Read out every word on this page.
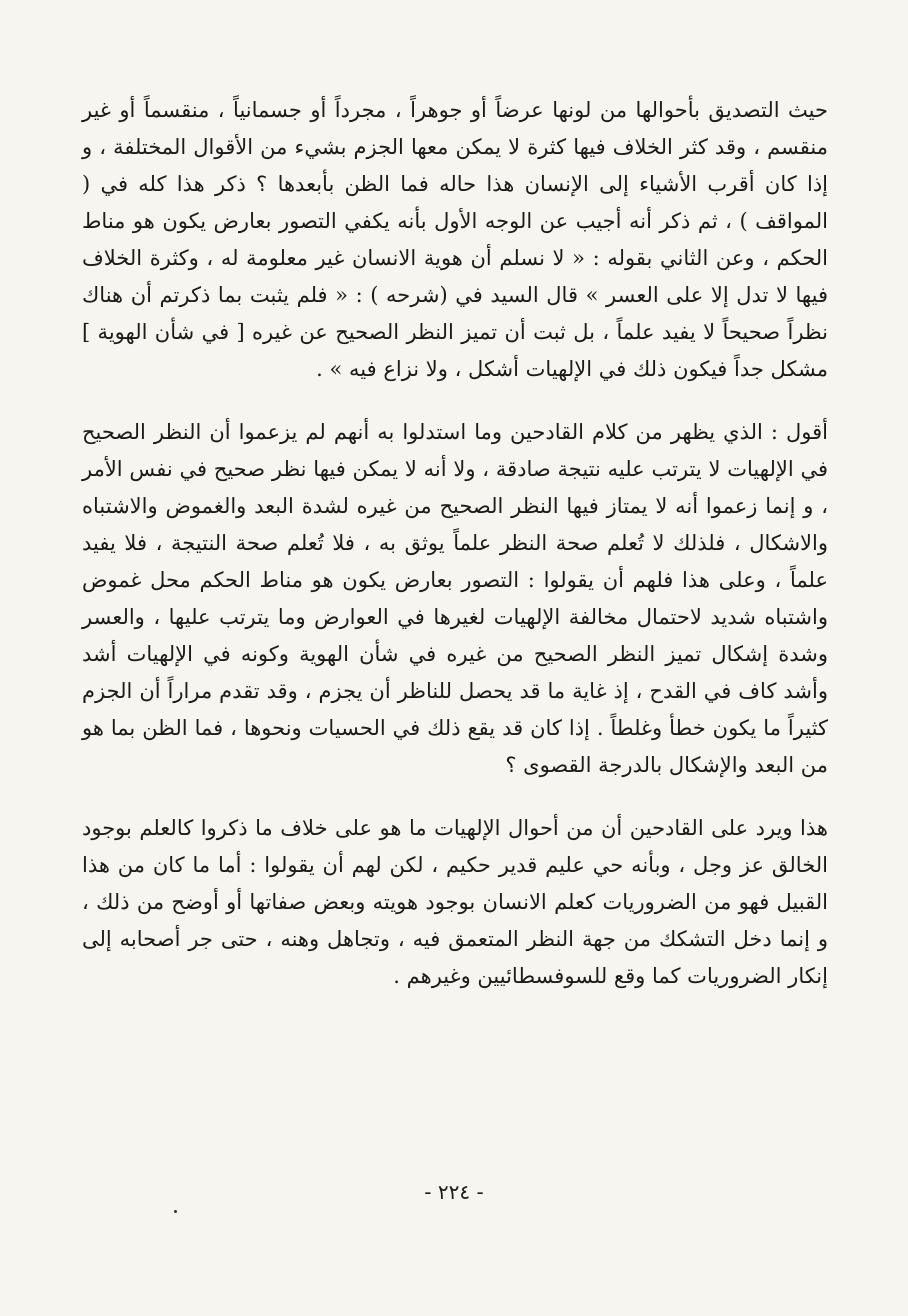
حيث التصديق بأحوالها من لونها عرضاً أو جوهراً ، مجرداً أو جسمانياً ، منقسماً أو غير منقسم ، وقد كثر الخلاف فيها كثرة لا يمكن معها الجزم بشيء من الأقوال المختلفة ، و إذا كان أقرب الأشياء إلى الإنسان هذا حاله فما الظن بأبعدها ؟ ذكر هذا كله في ( المواقف ) ، ثم ذكر أنه أجيب عن الوجه الأول بأنه يكفي التصور بعارض يكون هو مناط الحكم ، وعن الثاني بقوله : « لا نسلم أن هوية الانسان غير معلومة له ، وكثرة الخلاف فيها لا تدل إلا على العسر » قال السيد في (شرحه ) : « فلم يثبت بما ذكرتم أن هناك نظراً صحيحاً لا يفيد علماً ، بل ثبت أن تميز النظر الصحيح عن غيره [ في شأن الهوية ] مشكل جداً فيكون ذلك في الإلهيات أشكل ، ولا نزاع فيه » .

أقول : الذي يظهر من كلام القادحين وما استدلوا به أنهم لم يزعموا أن النظر الصحيح في الإلهيات لا يترتب عليه نتيجة صادقة ، ولا أنه لا يمكن فيها نظر صحيح في نفس الأمر ، و إنما زعموا أنه لا يمتاز فيها النظر الصحيح من غيره لشدة البعد والغموض والاشتباه والاشكال ، فلذلك لا تُعلم صحة النظر علماً يوثق به ، فلا تُعلم صحة النتيجة ، فلا يفيد علماً ، وعلى هذا فلهم أن يقولوا : التصور بعارض يكون هو مناط الحكم محل غموض واشتباه شديد لاحتمال مخالفة الإلهيات لغيرها في العوارض وما يترتب عليها ، والعسر وشدة إشكال تميز النظر الصحيح من غيره في شأن الهوية وكونه في الإلهيات أشد وأشد كاف في القدح ، إذ غاية ما قد يحصل للناظر أن يجزم ، وقد تقدم مراراً أن الجزم كثيراً ما يكون خطأ وغلطاً . إذا كان قد يقع ذلك في الحسيات ونحوها ، فما الظن بما هو من البعد والإشكال بالدرجة القصوى ؟

هذا ويرد على القادحين أن من أحوال الإلهيات ما هو على خلاف ما ذكروا كالعلم بوجود الخالق عز وجل ، وبأنه حي عليم قدير حكيم ، لكن لهم أن يقولوا : أما ما كان من هذا القبيل فهو من الضروريات كعلم الانسان بوجود هويته وبعض صفاتها أو أوضح من ذلك ، و إنما دخل التشكك من جهة النظر المتعمق فيه ، وتجاهل وهنه ، حتى جر أصحابه إلى إنكار الضروريات كما وقع للسوفسطائيين وغيرهم .

- ٢٢٤ -
